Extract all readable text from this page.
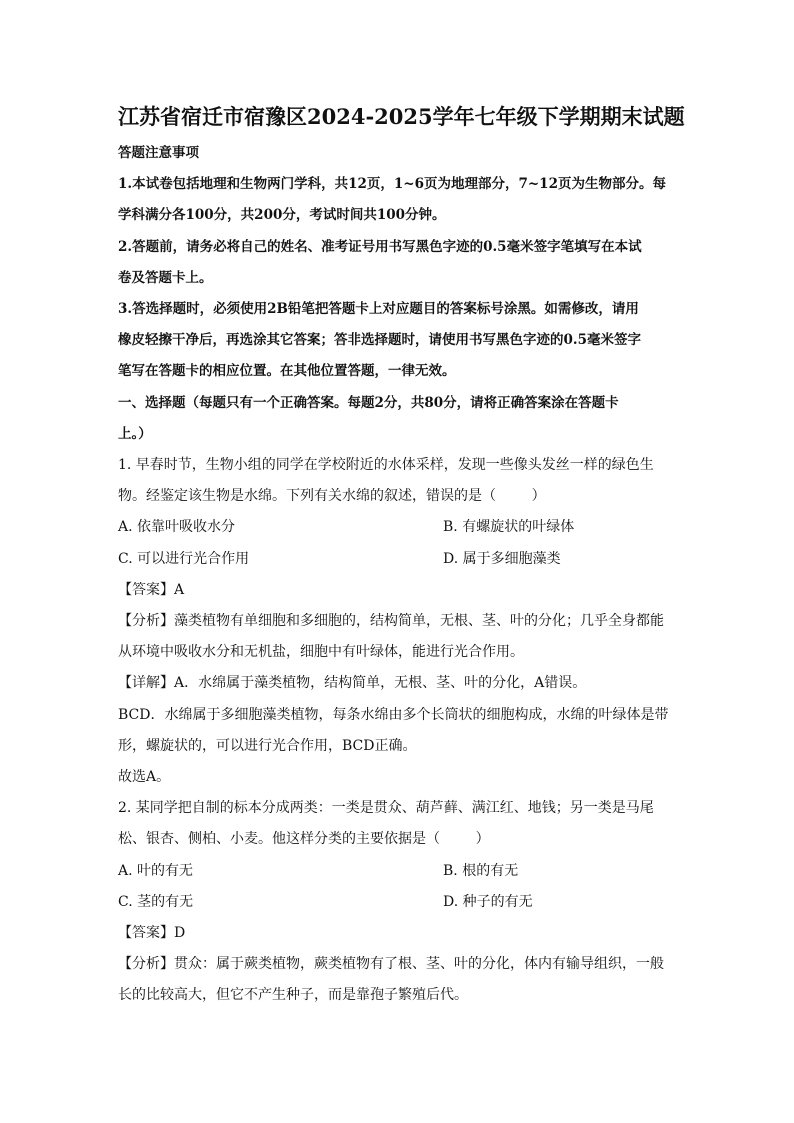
江苏省宿迁市宿豫区2024-2025学年七年级下学期期末试题
答题注意事项
1.本试卷包括地理和生物两门学科，共12页，1~6页为地理部分，7~12页为生物部分。每
学科满分各100分，共200分，考试时间共100分钟。
2.答题前，请务必将自己的姓名、准考证号用书写黑色字迹的0.5毫米签字笔填写在本试
卷及答题卡上。
3.答选择题时，必须使用2B铅笔把答题卡上对应题目的答案标号涂黑。如需修改，请用
橡皮轻擦干净后，再选涂其它答案；答非选择题时，请使用书写黑色字迹的0.5毫米签字
笔写在答题卡的相应位置。在其他位置答题，一律无效。
一、选择题（每题只有一个正确答案。每题2分，共80分，请将正确答案涂在答题卡
上。）
1. 早春时节，生物小组的同学在学校附近的水体采样，发现一些像头发丝一样的绿色生
物。经鉴定该生物是水绵。下列有关水绵的叙述，错误的是（        ）
A. 依靠叶吸收水分	B. 有螺旋状的叶绿体
C. 可以进行光合作用	D. 属于多细胞藻类
【答案】A
【分析】藻类植物有单细胞和多细胞的，结构简单，无根、茎、叶的分化；几乎全身都能
从环境中吸收水分和无机盐，细胞中有叶绿体，能进行光合作用。
【详解】A．水绵属于藻类植物，结构简单，无根、茎、叶的分化，A错误。
BCD．水绵属于多细胞藻类植物，每条水绵由多个长筒状的细胞构成，水绵的叶绿体是带
形，螺旋状的，可以进行光合作用，BCD正确。
故选A。
2. 某同学把自制的标本分成两类：一类是贯众、葫芦藓、满江红、地钱；另一类是马尾
松、银杏、侧柏、小麦。他这样分类的主要依据是（        ）
A. 叶的有无	B. 根的有无
C. 茎的有无	D. 种子的有无
【答案】D
【分析】贯众：属于蕨类植物，蕨类植物有了根、茎、叶的分化，体内有输导组织，一般
长的比较高大，但它不产生种子，而是靠孢子繁殖后代。
